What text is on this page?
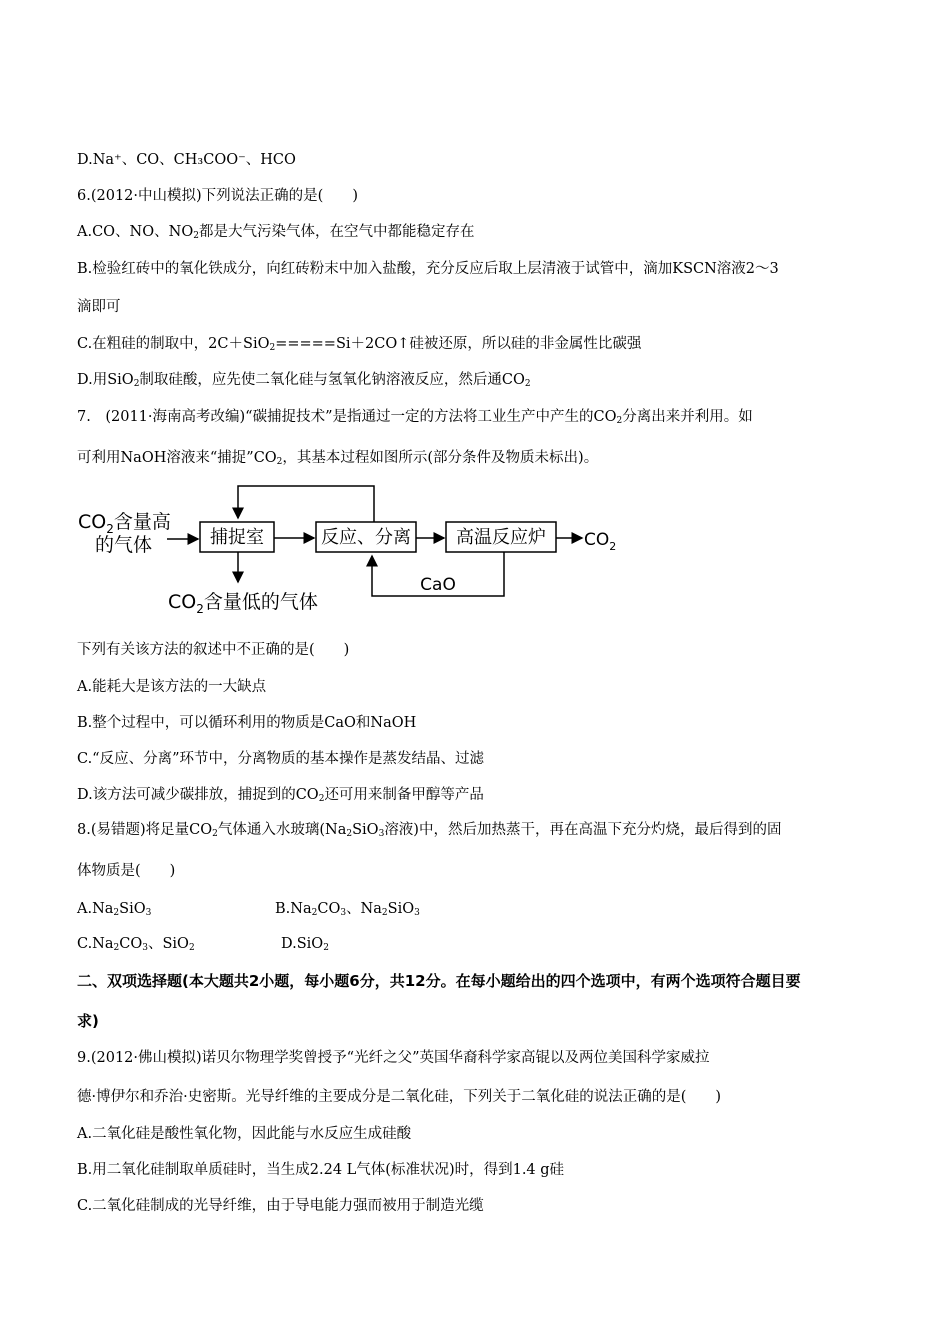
D.Na⁺、CO、CH₃COO⁻、HCO
6.(2012·中山模拟)下列说法正确的是(　　)
A.CO、NO、$NO_2$都是大气污染气体，在空气中都能稳定存在
B.检验红砖中的氧化铁成分，向红砖粉末中加入盐酸，充分反应后取上层清液于试管中，滴加KSCN溶液2～3
滴即可
C.在粗硅的制取中，2C＋SiO$_2$=====Si＋2CO↑硅被还原，所以硅的非金属性比碳强
D.用SiO$_2$制取硅酸，应先使二氧化硅与氢氧化钠溶液反应，然后通$CO_2$
7.　(2011·海南高考改编)“碳捕捉技术”是指通过一定的方法将工业生产中产生的$CO_2$分离出来并利用。如
可利用NaOH溶液来“捕捉$”CO_2$，其基本过程如图所示(部分条件及物质未标出)。
$CO_2$含量高
的气体	捕捉室	反应、分离	高温反应炉 $CO_2$
CaO
$CO_2$含量低的气体
下列有关该方法的叙述中不正确的是(　　)
A.能耗大是该方法的一大缺点
B.整个过程中，可以循环利用的物质是CaO和NaOH
C.“反应、分离”环节中，分离物质的基本操作是蒸发结晶、过滤
D.该方法可减少碳排放，捕捉到的$CO_2$还可用来制备甲醇等产品
8.(易错题)将足量$CO_2$气体通入水玻璃($Na_2SiO_3$溶液)中，然后加热蒸干，再在高温下充分灼烧，最后得到的固
体物质是(　　)
$A.Na_2SiO_3$	$B.Na_2CO_3$、$Na_2SiO_3$
$C.Na_2CO_3$、SiO$_2$	D.SiO$_2$
二、双项选择题(本大题共2小题，每小题6分，共12分。在每小题给出的四个选项中，有两个选项符合题目要
求)
9.(2012·佛山模拟)诺贝尔物理学奖曾授予“光纤之父”英国华裔科学家高锟以及两位美国科学家威拉
德·博伊尔和乔治·史密斯。光导纤维的主要成分是二氧化硅，下列关于二氧化硅的说法正确的是(　　)
A.二氧化硅是酸性氧化物，因此能与水反应生成硅酸
B.用二氧化硅制取单质硅时，当生成2.24 L气体(标准状况)时，得到1.4 g硅
C.二氧化硅制成的光导纤维，由于导电能力强而被用于制造光缆
